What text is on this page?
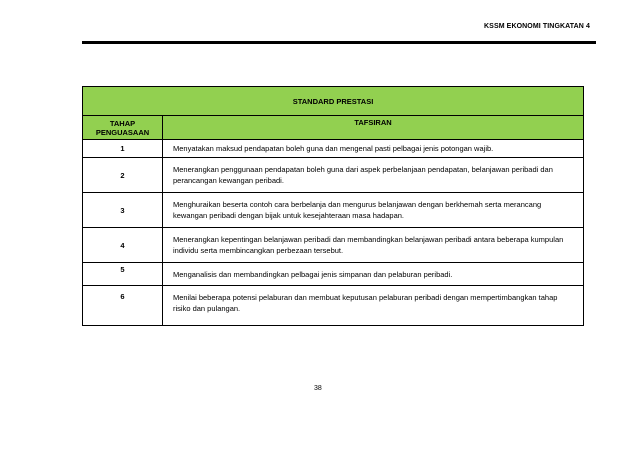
KSSM EKONOMI TINGKATAN 4
STANDARD PRESTASI	
TAHAP
PENGUASAAN	TAFSIRAN
1	Menyatakan maksud pendapatan boleh guna dan mengenal pasti pelbagai jenis potongan wajib.
2	Menerangkan penggunaan pendapatan boleh guna dari aspek perbelanjaan pendapatan, belanjawan peribadi dan perancangan kewangan peribadi.
3	Menghuraikan beserta contoh cara berbelanja dan mengurus belanjawan dengan berkhemah serta merancang kewangan peribadi dengan bijak untuk kesejahteraan masa hadapan.
4	Menerangkan kepentingan belanjawan peribadi dan membandingkan belanjawan peribadi antara beberapa kumpulan individu serta membincangkan perbezaan tersebut.
5	Menganalisis dan membandingkan pelbagai jenis simpanan dan pelaburan peribadi.
6	Menilai beberapa potensi pelaburan dan membuat keputusan pelaburan peribadi dengan mempertimbangkan tahap risiko dan pulangan.
38
